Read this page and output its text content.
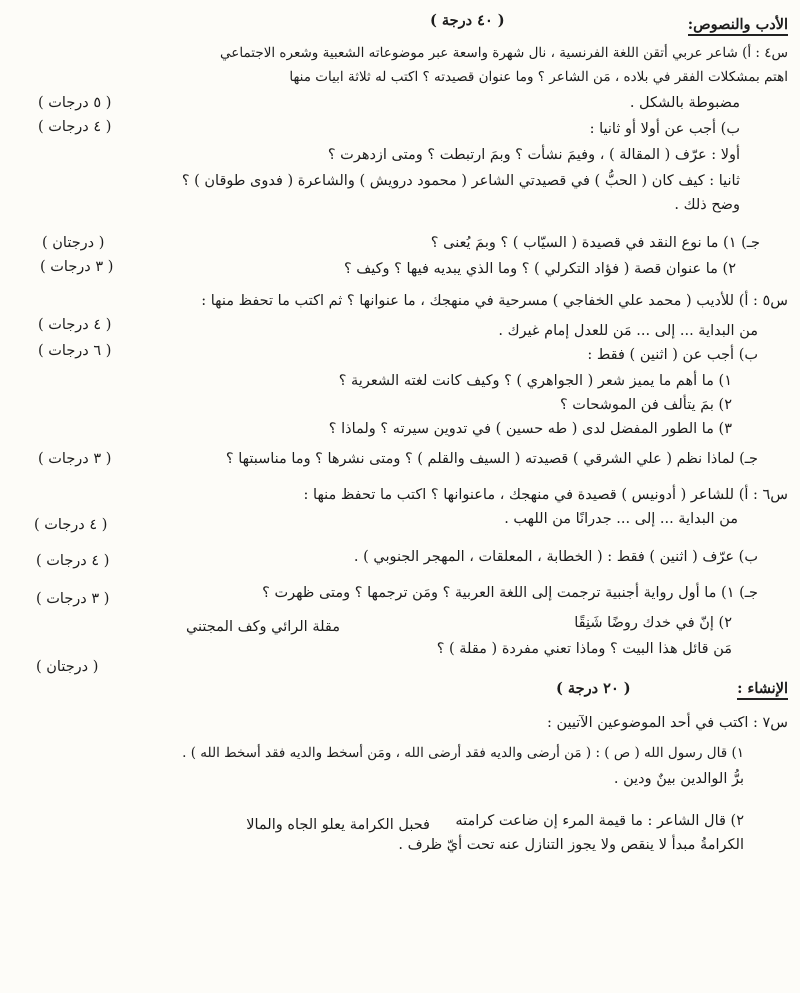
الأدب والنصوص:
( ٤٠ درجة )
س٤ : أ) شاعر عربي أتقن اللغة الفرنسية ، نال شهرة واسعة عبر موضوعاته الشعبية وشعره الاجتماعي
اهتم بمشكلات الفقر في بلاده ، مَن الشاعر ؟ وما عنوان قصيدته ؟ اكتب له ثلاثة ابيات منها
مضبوطة بالشكل .
( ٥ درجات )
ب) أجب عن أولا أو ثانيا :
( ٤ درجات )
أولا : عرّف ( المقالة ) ، وفيمَ نشأت ؟ وبمَ ارتبطت ؟ ومتى ازدهرت ؟
ثانيا : كيف كان ( الحبُّ ) في قصيدتي الشاعر ( محمود درويش ) والشاعرة ( فدوى طوقان ) ؟
وضح ذلك .
جـ) ١) ما نوع النقد في قصيدة ( السيّاب ) ؟ وبمَ يُعنى ؟
( درجتان )
٢) ما عنوان قصة ( فؤاد التكرلي ) ؟ وما الذي يبديه فيها ؟ وكيف ؟
( ٣ درجات )
س٥ : أ) للأديب ( محمد علي الخفاجي ) مسرحية في منهجك ، ما عنوانها ؟ ثم اكتب ما تحفظ منها :
من البداية ... إلى ... مَن للعدل إمام غيرك .
( ٤ درجات )
ب) أجب عن ( اثنين ) فقط :
( ٦ درجات )
١) ما أهم ما يميز شعر ( الجواهري ) ؟ وكيف كانت لغته الشعرية ؟
٢) بمَ يتألف فن الموشحات ؟
٣) ما الطور المفضل لدى ( طه حسين ) في تدوين سيرته ؟ ولماذا ؟
جـ) لماذا نظم ( علي الشرقي ) قصيدته ( السيف والقلم ) ؟ ومتى نشرها ؟ وما مناسبتها ؟
( ٣ درجات )
س٦ : أ) للشاعر ( أدونيس ) قصيدة في منهجك ، ماعنوانها ؟ اكتب ما تحفظ منها :
من البداية ... إلى ... جدرانًا من اللهب .
( ٤ درجات )
ب) عرّف ( اثنين ) فقط : ( الخطابة ، المعلقات ، المهجر الجنوبي ) .
( ٤ درجات )
جـ) ١) ما أول رواية أجنبية ترجمت إلى اللغة العربية ؟ ومَن ترجمها ؟ ومتى ظهرت ؟
( ٣ درجات )
٢) إنّ في خدك روضًا شَنِقًا
مقلة الرائي وكف المجتني
مَن قائل هذا البيت ؟ وماذا تعني مفردة ( مقلة ) ؟
( درجتان )
الإنشاء :
( ٢٠ درجة )
س٧ : اكتب في أحد الموضوعين الآتيين :
١) قال رسول الله ( ص ) : ( مَن أرضى والديه فقد أرضى الله ، ومَن أسخط والديه فقد أسخط الله ) .
برُّ الوالدين بينٌ ودين .
٢) قال الشاعر : ما قيمة المرء إن ضاعت كرامته
فحبل الكرامة يعلو الجاه والمالا
الكرامةُ مبدأ لا ينقص ولا يجوز التنازل عنه تحت أيّ ظرف .
